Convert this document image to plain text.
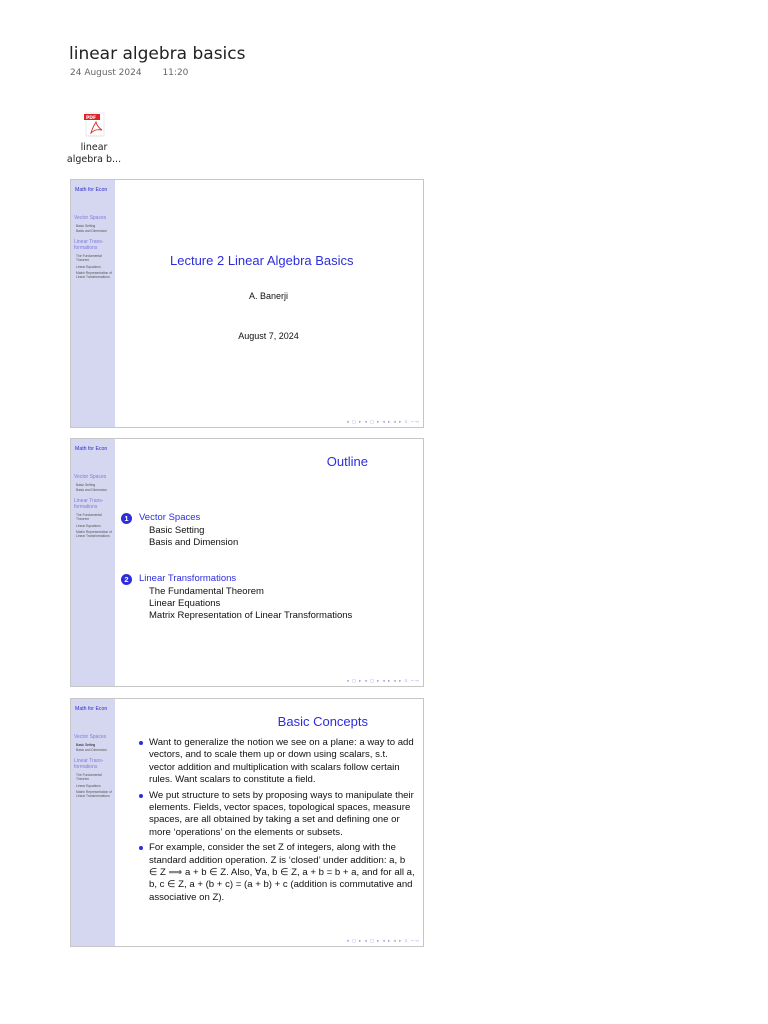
linear algebra basics
24 August 2024 11:20
PDF
linear
algebra b...
Math for Econ
Vector Spaces
Basic Setting
Basis and Dimension
Linear Trans-
formations
The Fundamental Theorem
Linear Equations
Matrix Representation of Linear Transformations
Lecture 2 Linear Algebra Basics
A. Banerji
August 7, 2024
◂ ◻ ▸ ◂ ◻ ▸ ◂ ▸ ◂ ▸ ≡ ∽∾
Math for Econ
Vector Spaces
Basic Setting
Basis and Dimension
Linear Trans-
formations
The Fundamental Theorem
Linear Equations
Matrix Representation of Linear Transformations
Outline
1	Vector Spaces
Basic Setting
Basis and Dimension
2	Linear Transformations
The Fundamental Theorem
Linear Equations
Matrix Representation of Linear Transformations
◂ ◻ ▸ ◂ ◻ ▸ ◂ ▸ ◂ ▸ ≡ ∽∾
Math for Econ
Vector Spaces
Basic Setting
Basis and Dimension
Linear Trans-
formations
The Fundamental Theorem
Linear Equations
Matrix Representation of Linear Transformations
Basic Concepts
Want to generalize the notion we see on a plane: a way to add vectors, and to scale them up or down using scalars, s.t. vector addition and multiplication with scalars follow certain rules. Want scalars to constitute a field.
We put structure to sets by proposing ways to manipulate their elements. Fields, vector spaces, topological spaces, measure spaces, are all obtained by taking a set and defining one or more ‘operations’ on the elements or subsets.
For example, consider the set Z of integers, along with the standard addition operation. Z is ‘closed’ under addition: a, b ∈ Z ⟹ a + b ∈ Z. Also, ∀a, b ∈ Z, a + b = b + a, and for all a, b, c ∈ Z, a + (b + c) = (a + b) + c (addition is commutative and associative on Z).
◂ ◻ ▸ ◂ ◻ ▸ ◂ ▸ ◂ ▸ ≡ ∽∾
